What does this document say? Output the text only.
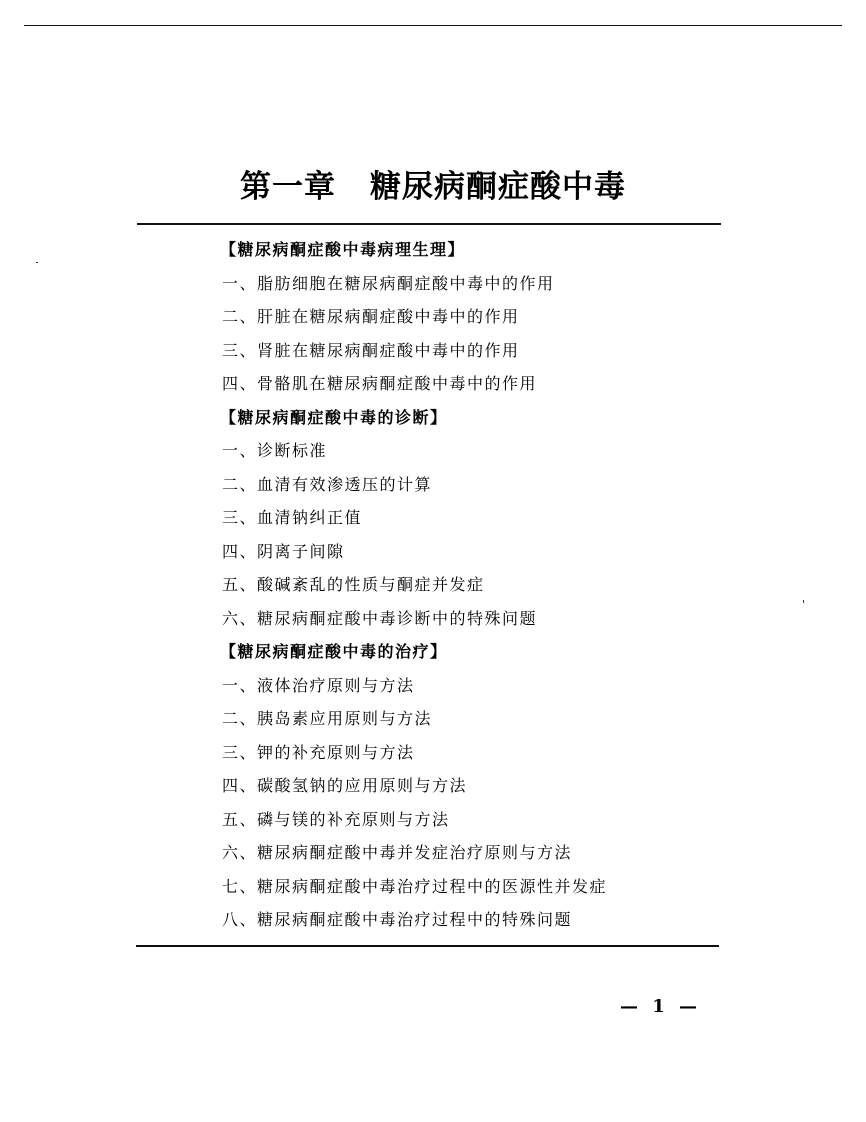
第一章 糖尿病酮症酸中毒
【糖尿病酮症酸中毒病理生理】
一、脂肪细胞在糖尿病酮症酸中毒中的作用
二、肝脏在糖尿病酮症酸中毒中的作用
三、肾脏在糖尿病酮症酸中毒中的作用
四、骨骼肌在糖尿病酮症酸中毒中的作用
【糖尿病酮症酸中毒的诊断】
一、诊断标准
二、血清有效渗透压的计算
三、血清钠纠正值
四、阴离子间隙
五、酸碱紊乱的性质与酮症并发症
六、糖尿病酮症酸中毒诊断中的特殊问题
【糖尿病酮症酸中毒的治疗】
一、液体治疗原则与方法
二、胰岛素应用原则与方法
三、钾的补充原则与方法
四、碳酸氢钠的应用原则与方法
五、磷与镁的补充原则与方法
六、糖尿病酮症酸中毒并发症治疗原则与方法
七、糖尿病酮症酸中毒治疗过程中的医源性并发症
八、糖尿病酮症酸中毒治疗过程中的特殊问题
— 1 —
